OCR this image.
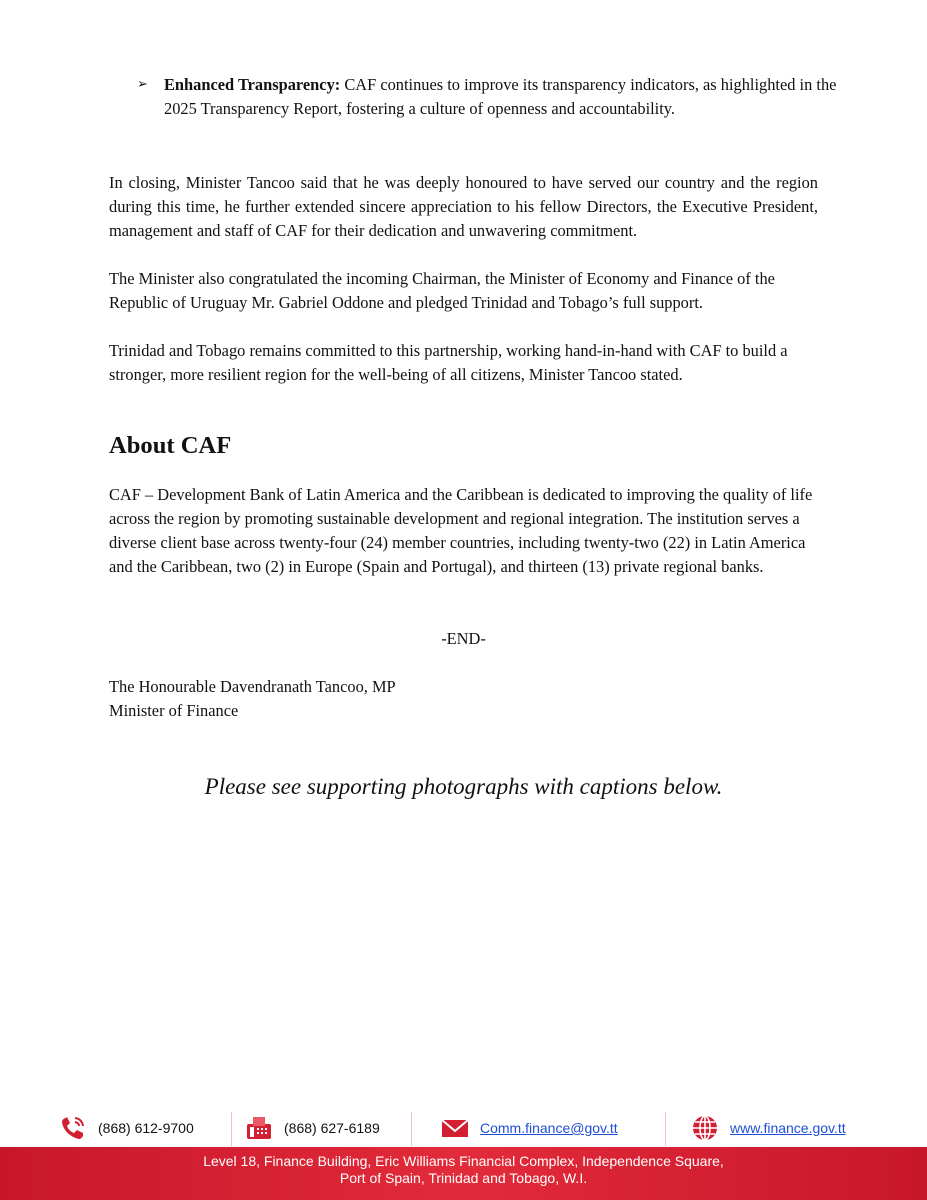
➢ Enhanced Transparency: CAF continues to improve its transparency indicators, as highlighted in the 2025 Transparency Report, fostering a culture of openness and accountability.

In closing, Minister Tancoo said that he was deeply honoured to have served our country and the region during this time, he further extended sincere appreciation to his fellow Directors, the Executive President, management and staff of CAF for their dedication and unwavering commitment.

The Minister also congratulated the incoming Chairman, the Minister of Economy and Finance of the Republic of Uruguay Mr. Gabriel Oddone and pledged Trinidad and Tobago’s full support.

Trinidad and Tobago remains committed to this partnership, working hand-in-hand with CAF to build a stronger, more resilient region for the well-being of all citizens, Minister Tancoo stated.

About CAF

CAF – Development Bank of Latin America and the Caribbean is dedicated to improving the quality of life across the region by promoting sustainable development and regional integration. The institution serves a diverse client base across twenty-four (24) member countries, including twenty-two (22) in Latin America and the Caribbean, two (2) in Europe (Spain and Portugal), and thirteen (13) private regional banks.

-END-

The Honourable Davendranath Tancoo, MP
Minister of Finance

Please see supporting photographs with captions below.

(868) 612-9700	(868) 627-6189	Comm.finance@gov.tt	www.finance.gov.tt
Level 18, Finance Building, Eric Williams Financial Complex, Independence Square,
Port of Spain, Trinidad and Tobago, W.I.
